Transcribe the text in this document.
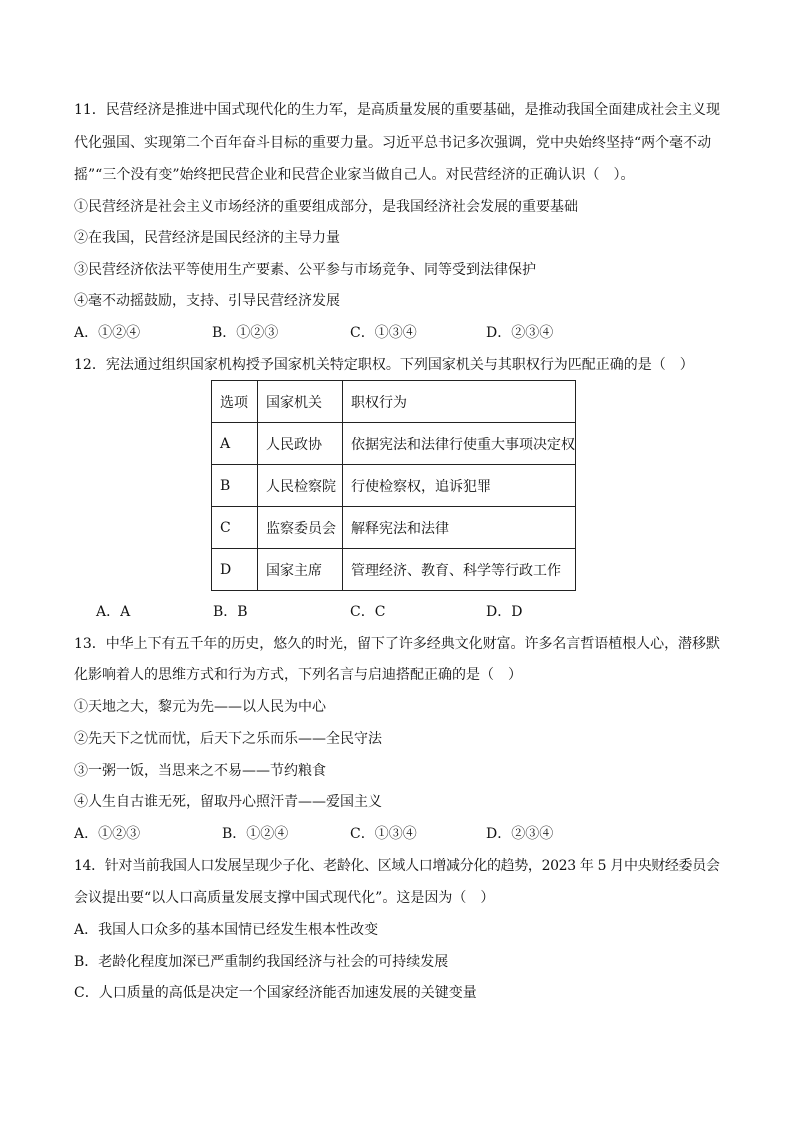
11．民营经济是推进中国式现代化的生力军，是高质量发展的重要基础，是推动我国全面建成社会主义现
代化强国、实现第二个百年奋斗目标的重要力量。习近平总书记多次强调，党中央始终坚持“两个毫不动
摇”“三个没有变”始终把民营企业和民营企业家当做自己人。对民营经济的正确认识（　）。
①民营经济是社会主义市场经济的重要组成部分，是我国经济社会发展的重要基础
②在我国，民营经济是国民经济的主导力量
③民营经济依法平等使用生产要素、公平参与市场竞争、同等受到法律保护
④毫不动摇鼓励，支持、引导民营经济发展
A．①②④	B．①②③	C．①③④	D．②③④
12．宪法通过组织国家机构授予国家机关特定职权。下列国家机关与其职权行为匹配正确的是（　）
选项	国家机关	职权行为
A	人民政协	依据宪法和法律行使重大事项决定权
B	人民检察院	行使检察权，追诉犯罪
C	监察委员会	解释宪法和法律
D	国家主席	管理经济、教育、科学等行政工作
A．A	B．B	C．C	D．D
13．中华上下有五千年的历史，悠久的时光，留下了许多经典文化财富。许多名言哲语植根人心，潜移默
化影响着人的思维方式和行为方式，下列名言与启迪搭配正确的是（　）
①天地之大，黎元为先——以人民为中心
②先天下之忧而忧，后天下之乐而乐——全民守法
③一粥一饭，当思来之不易——节约粮食
④人生自古谁无死，留取丹心照汗青——爱国主义
A．①②③	B．①②④	C．①③④	D．②③④
14．针对当前我国人口发展呈现少子化、老龄化、区域人口增减分化的趋势，2023 年 5 月中央财经委员会
会议提出要“以人口高质量发展支撑中国式现代化”。这是因为（　）
A．我国人口众多的基本国情已经发生根本性改变
B．老龄化程度加深已严重制约我国经济与社会的可持续发展
C．人口质量的高低是决定一个国家经济能否加速发展的关键变量
